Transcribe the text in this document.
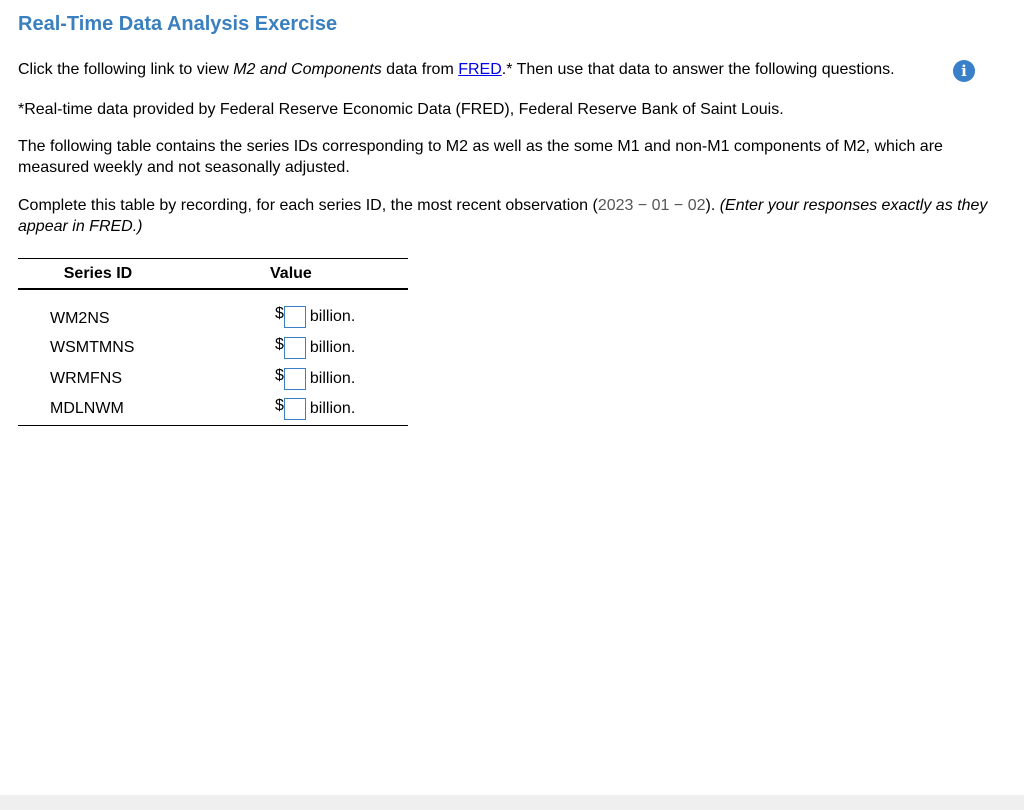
Real-Time Data Analysis Exercise

Click the following link to view M2 and Components data from FRED.* Then use that data to answer the following questions.	i

*Real-time data provided by Federal Reserve Economic Data (FRED), Federal Reserve Bank of Saint Louis.

The following table contains the series IDs corresponding to M2 as well as the some M1 and non-M1 components of M2, which are measured weekly and not seasonally adjusted.

Complete this table by recording, for each series ID, the most recent observation (2023 − 01 − 02). (Enter your responses exactly as they appear in FRED.)

Series ID	Value
WM2NS	$ billion.
WSMTMNS	$ billion.
WRMFNS	$ billion.
MDLNWM	$ billion.
